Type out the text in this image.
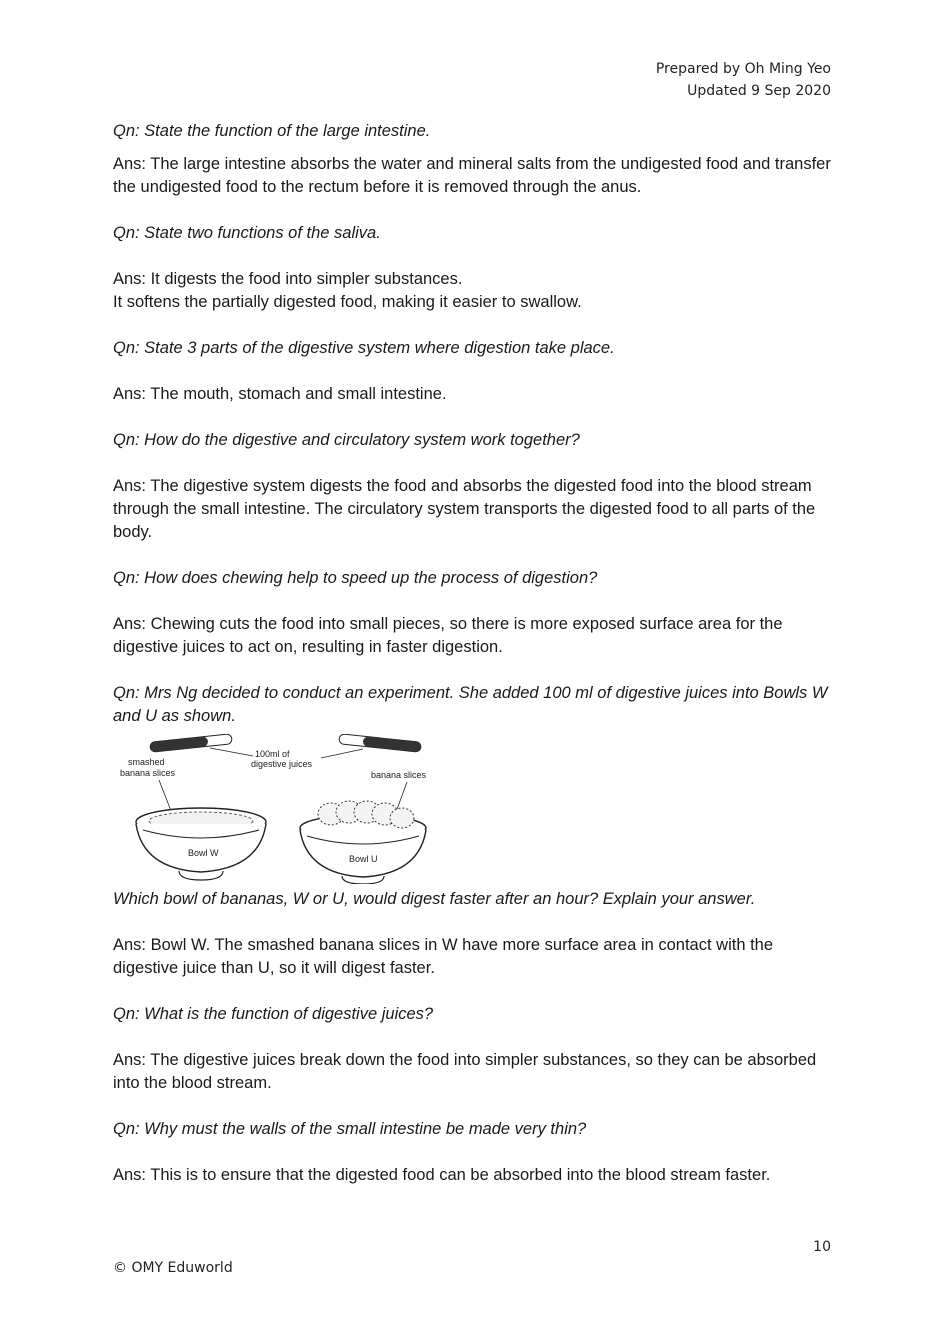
Prepared by Oh Ming Yeo
Updated 9 Sep 2020

Qn: State the function of the large intestine.

Ans: The large intestine absorbs the water and mineral salts from the undigested food and transfer the undigested food to the rectum before it is removed through the anus.

Qn: State two functions of the saliva.

Ans: It digests the food into simpler substances.

It softens the partially digested food, making it easier to swallow.

Qn: State 3 parts of the digestive system where digestion take place.

Ans: The mouth, stomach and small intestine.

Qn: How do the digestive and circulatory system work together?

Ans: The digestive system digests the food and absorbs the digested food into the blood stream through the small intestine. The circulatory system transports the digested food to all parts of the body.

Qn: How does chewing help to speed up the process of digestion?

Ans: Chewing cuts the food into small pieces, so there is more exposed surface area for the digestive juices to act on, resulting in faster digestion.

Qn: Mrs Ng decided to conduct an experiment. She added 100 ml of digestive juices into Bowls W and U as shown.

100ml of
digestive juices
smashed
banana slices	banana slices
Bowl W
Bowl U

Which bowl of bananas, W or U, would digest faster after an hour? Explain your answer.

Ans: Bowl W. The smashed banana slices in W have more surface area in contact with the digestive juice than U, so it will digest faster.

Qn: What is the function of digestive juices?

Ans: The digestive juices break down the food into simpler substances, so they can be absorbed into the blood stream.

Qn: Why must the walls of the small intestine be made very thin?

Ans: This is to ensure that the digested food can be absorbed into the blood stream faster.

10
© OMY Eduworld
